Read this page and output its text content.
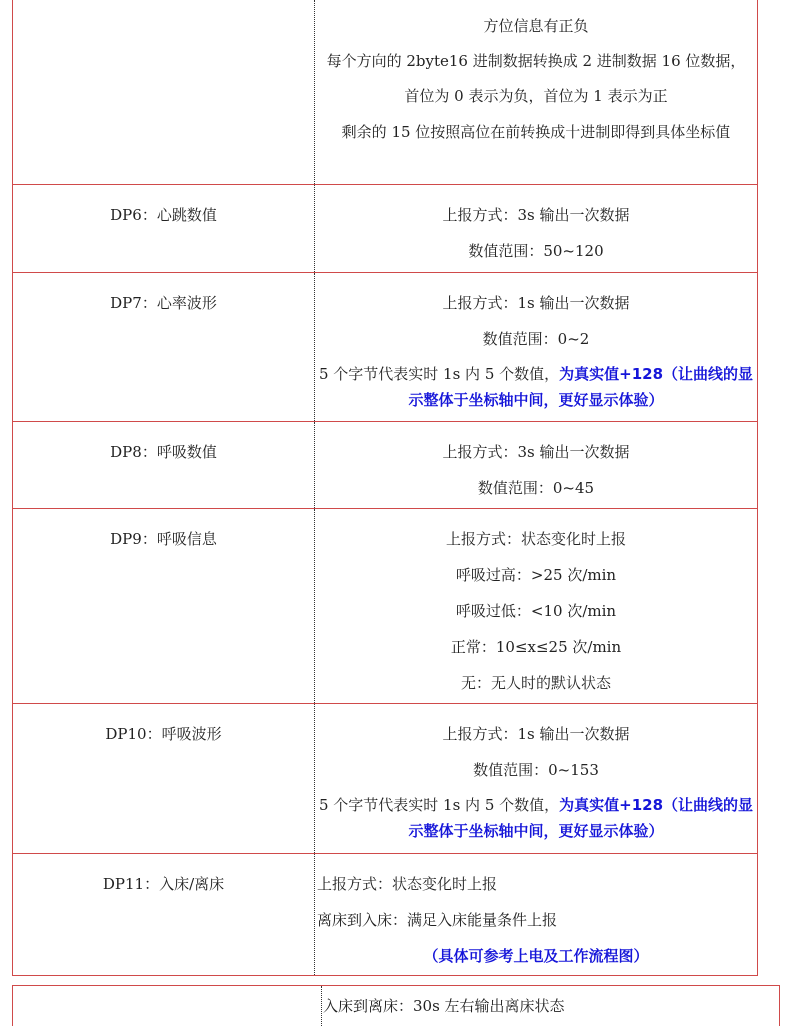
方位信息有正负
每个方向的 2byte16 进制数据转换成 2 进制数据 16 位数据，
首位为 0 表示为负，首位为 1 表示为正
剩余的 15 位按照高位在前转换成十进制即得到具体坐标值
DP6：心跳数值	上报方式：3s 输出一次数据
数值范围：50~120
DP7：心率波形	上报方式：1s 输出一次数据
数值范围：0~2
5 个字节代表实时 1s 内 5 个数值，为真实值+128（让曲线的显示整体于坐标轴中间，更好显示体验）
DP8：呼吸数值	上报方式：3s 输出一次数据
数值范围：0~45
DP9：呼吸信息	上报方式：状态变化时上报
呼吸过高：>25 次/min
呼吸过低：<10 次/min
正常：10≤x≤25 次/min
无：无人时的默认状态
DP10：呼吸波形	上报方式：1s 输出一次数据
数值范围：0~153
5 个字节代表实时 1s 内 5 个数值，为真实值+128（让曲线的显示整体于坐标轴中间，更好显示体验）
DP11：入床/离床	上报方式：状态变化时上报
离床到入床：满足入床能量条件上报
（具体可参考上电及工作流程图）
入床到离床：30s 左右输出离床状态
